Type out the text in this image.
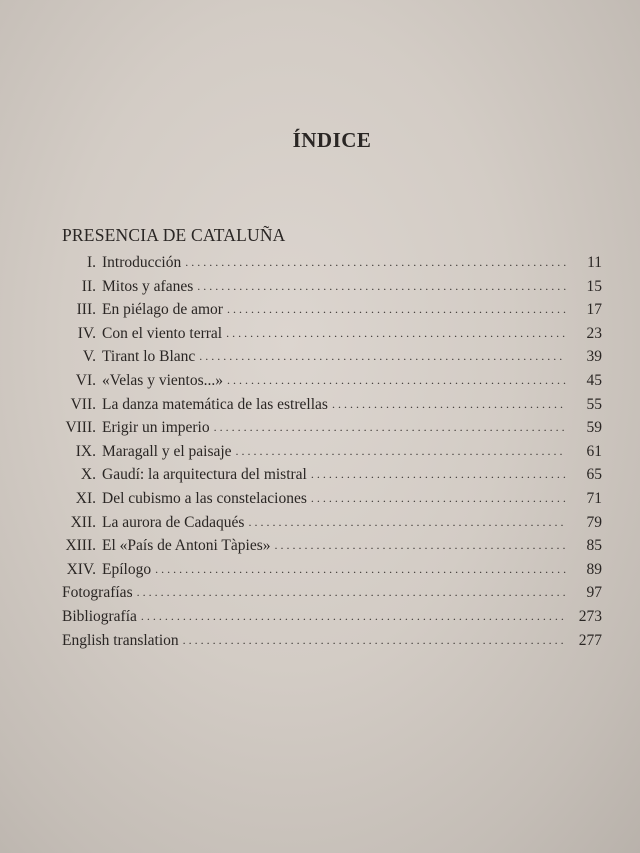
ÍNDICE
PRESENCIA DE CATALUÑA
I. Introducción . . .	11
II. Mitos y afanes . . .	15
III. En piélago de amor . . .	17
IV. Con el viento terral . . .	23
V. Tirant lo Blanc . . .	39
VI. «Velas y vientos...» . . .	45
VII. La danza matemática de las estrellas . . .	55
VIII. Erigir un imperio . . .	59
IX. Maragall y el paisaje . . .	61
X. Gaudí: la arquitectura del mistral . . .	65
XI. Del cubismo a las constelaciones . . .	71
XII. La aurora de Cadaqués . . .	79
XIII. El «País de Antoni Tàpies» . . .	85
XIV. Epílogo . . .	89
Fotografías . . .	97
Bibliografía . . .	273
English translation . . .	277
